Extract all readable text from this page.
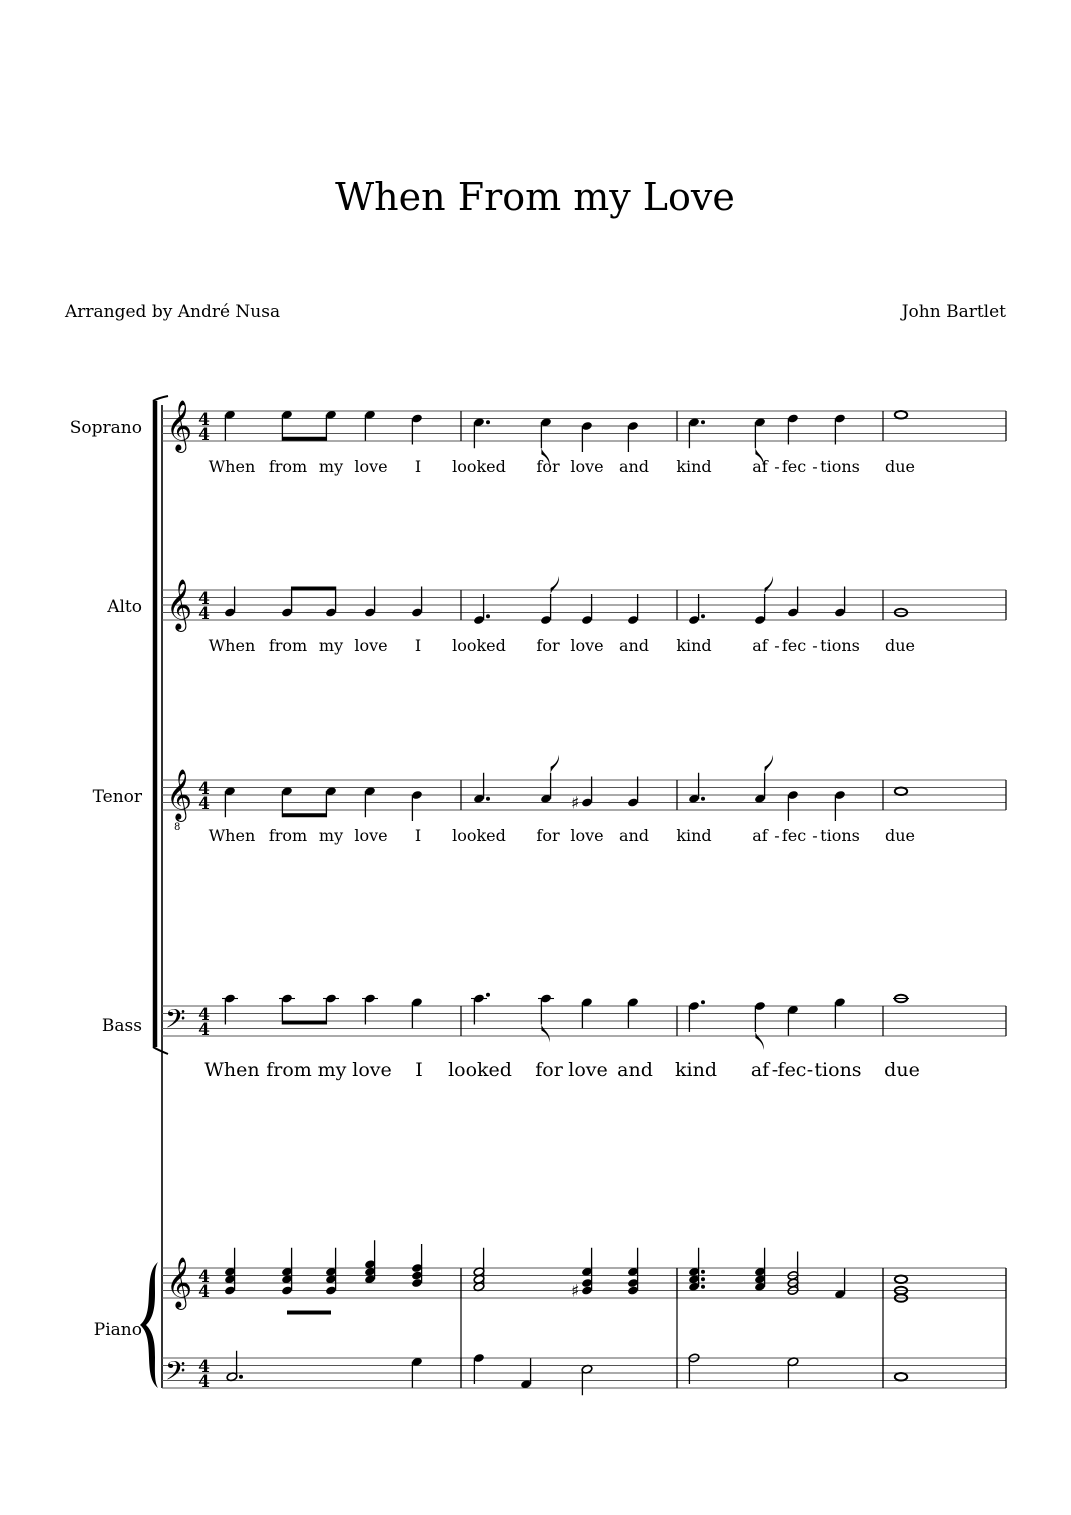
When From my Love
Arranged by André Nusa	John Bartlet
Soprano
Alto
Tenor
Bass
Piano
𝄞 4
4
𝄞 4
4
𝄞
8
4
4
𝄢 4
4
𝄞 4
4
𝄢 4
4
♯
♯
When from my love I looked for love and kind	af - fec - tions due
When from my love I looked for love and kind	af - fec - tions due
When from my love I looked for love and kind	af - fec - tions due
When from my love I looked for love and kind af - fec - tions due
